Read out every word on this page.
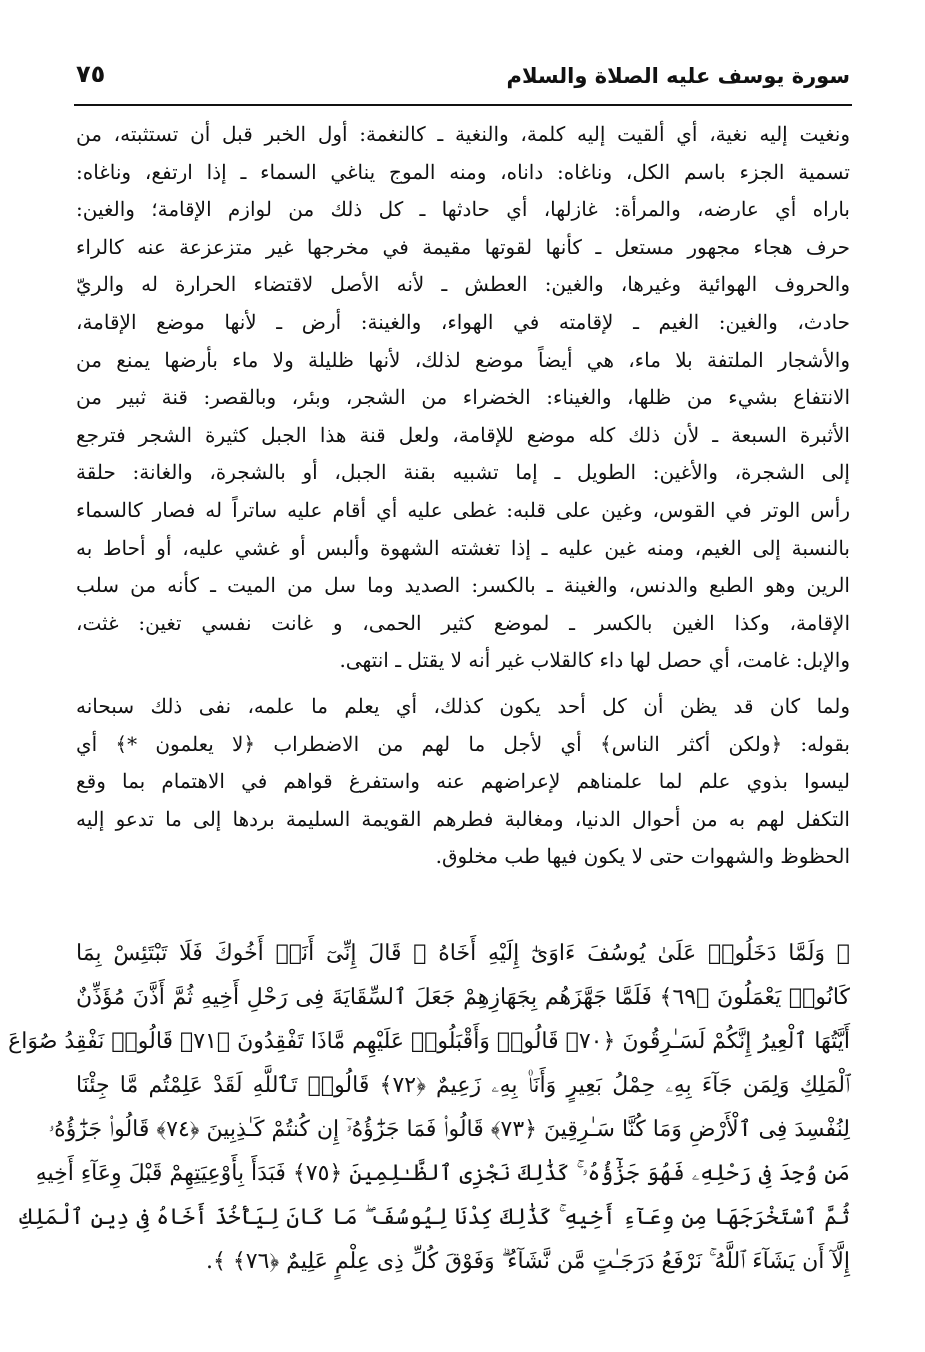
سورة يوسف عليه الصلاة والسلام
٧٥
ونغيت إليه نغية، أي ألقيت إليه كلمة، والنغية ـ كالنغمة: أول الخبر قبل أن تستثبته، من
تسمية الجزء باسم الكل، وناغاه: داناه، ومنه الموج يناغي السماء ـ إذا ارتفع، وناغاه:
باراه أي عارضه، والمرأة: غازلها، أي حادثها ـ كل ذلك من لوازم الإقامة؛ والغين:
حرف هجاء مجهور مستعل ـ كأنها لقوتها مقيمة في مخرجها غير متزعزعة عنه كالراء
والحروف الهوائية وغيرها، والغين: العطش ـ لأنه الأصل لاقتضاء الحرارة له والريّ
حادث، والغين: الغيم ـ لإقامته في الهواء، والغينة: أرض ـ لأنها موضع الإقامة،
والأشجار الملتفة بلا ماء، هي أيضاً موضع لذلك، لأنها ظليلة ولا ماء بأرضها يمنع من
الانتفاع بشيء من ظلها، والغيناء: الخضراء من الشجر، وبئر، وبالقصر: قنة ثبير من
الأثبرة السبعة ـ لأن ذلك كله موضع للإقامة، ولعل قنة هذا الجبل كثيرة الشجر فترجع
إلى الشجرة، والأغين: الطويل ـ إما تشبيه بقنة الجبل، أو بالشجرة، والغانة: حلقة
رأس الوتر في القوس، وغين على قلبه: غطى عليه أي أقام عليه ساتراً له فصار كالسماء
بالنسبة إلى الغيم، ومنه غين عليه ـ إذا تغشته الشهوة وألبس أو غشي عليه، أو أحاط به
الرين وهو الطبع والدنس، والغينة ـ بالكسر: الصديد وما سل من الميت ـ كأنه من سلب
الإقامة، وكذا الغين بالكسر ـ لموضع كثير الحمى، و غانت نفسي تغين: غثت،
والإبل: غامت، أي حصل لها داء كالقلاب غير أنه لا يقتل ـ انتهى.
ولما كان قد يظن أن كل أحد يكون كذلك، أي يعلم ما علمه، نفى ذلك سبحانه
بقوله: ﴿ولكن أكثر الناس﴾ أي لأجل ما لهم من الاضطراب ﴿لا يعلمون *﴾ أي
ليسوا بذوي علم لما علمناهم لإعراضهم عنه واستفرغ قواهم في الاهتمام بما وقع
التكفل لهم به من أحوال الدنيا، ومغالبة فطرهم القويمة السليمة بردها إلى ما تدعو إليه
الحظوظ والشهوات حتى لا يكون فيها طب مخلوق.
﴿ وَلَمَّا دَخَلُوا۟ عَلَىٰ يُوسُفَ ءَاوَىٰٓ إِلَيْهِ أَخَاهُ ۖ قَالَ إِنِّىٓ أَنَا۠ أَخُوكَ فَلَا تَبْتَئِسْ بِمَا
كَانُوا۟ يَعْمَلُونَ ﴿٦٩﴾ فَلَمَّا جَهَّزَهُم بِجَهَازِهِمْ جَعَلَ ٱلسِّقَايَةَ فِى رَحْلِ أَخِيهِ ثُمَّ أَذَّنَ مُؤَذِّنٌ
أَيَّتُهَا ٱلْعِيرُ إِنَّكُمْ لَسَـٰرِقُونَ ﴿٧٠﴾ قَالُوا۟ وَأَقْبَلُوا۟ عَلَيْهِم مَّاذَا تَفْقِدُونَ ﴿٧١﴾ قَالُوا۟ نَفْقِدُ صُوَاعَ
ٱلْمَلِكِ وَلِمَن جَآءَ بِهِۦ حِمْلُ بَعِيرٍ وَأَنَا۠ بِهِۦ زَعِيمٌ ﴿٧٢﴾ قَالُوا۟ تَٱللَّهِ لَقَدْ عَلِمْتُم مَّا جِئْنَا
لِنُفْسِدَ فِى ٱلْأَرْضِ وَمَا كُنَّا سَـٰرِقِينَ ﴿٧٣﴾ قَالُوا۟ فَمَا جَزَٰٓؤُهُۥٓ إِن كُنتُمْ كَـٰذِبِينَ ﴿٧٤﴾ قَالُوا۟ جَزَٰٓؤُهُۥ
مَن وُجِدَ فِى رَحْلِهِۦ فَهُوَ جَزَٰٓؤُهُۥ ۚ كَذَٰلِكَ نَجْزِى ٱلظَّـٰلِمِينَ ﴿٧٥﴾ فَبَدَأَ بِأَوْعِيَتِهِمْ قَبْلَ وِعَآءِ أَخِيهِ
ثُمَّ ٱسْتَخْرَجَهَا مِن وِعَآءِ أَخِيهِ ۚ كَذَٰلِكَ كِدْنَا لِيُوسُفَ ۖ مَا كَانَ لِيَأْخُذَ أَخَاهُ فِى دِينِ ٱلْمَلِكِ
إِلَّآ أَن يَشَآءَ ٱللَّهُ ۚ نَرْفَعُ دَرَجَـٰتٍ مَّن نَّشَآءُ ۗ وَفَوْقَ كُلِّ ذِى عِلْمٍ عَلِيمٌ ﴿٧٦﴾ ﴾.
